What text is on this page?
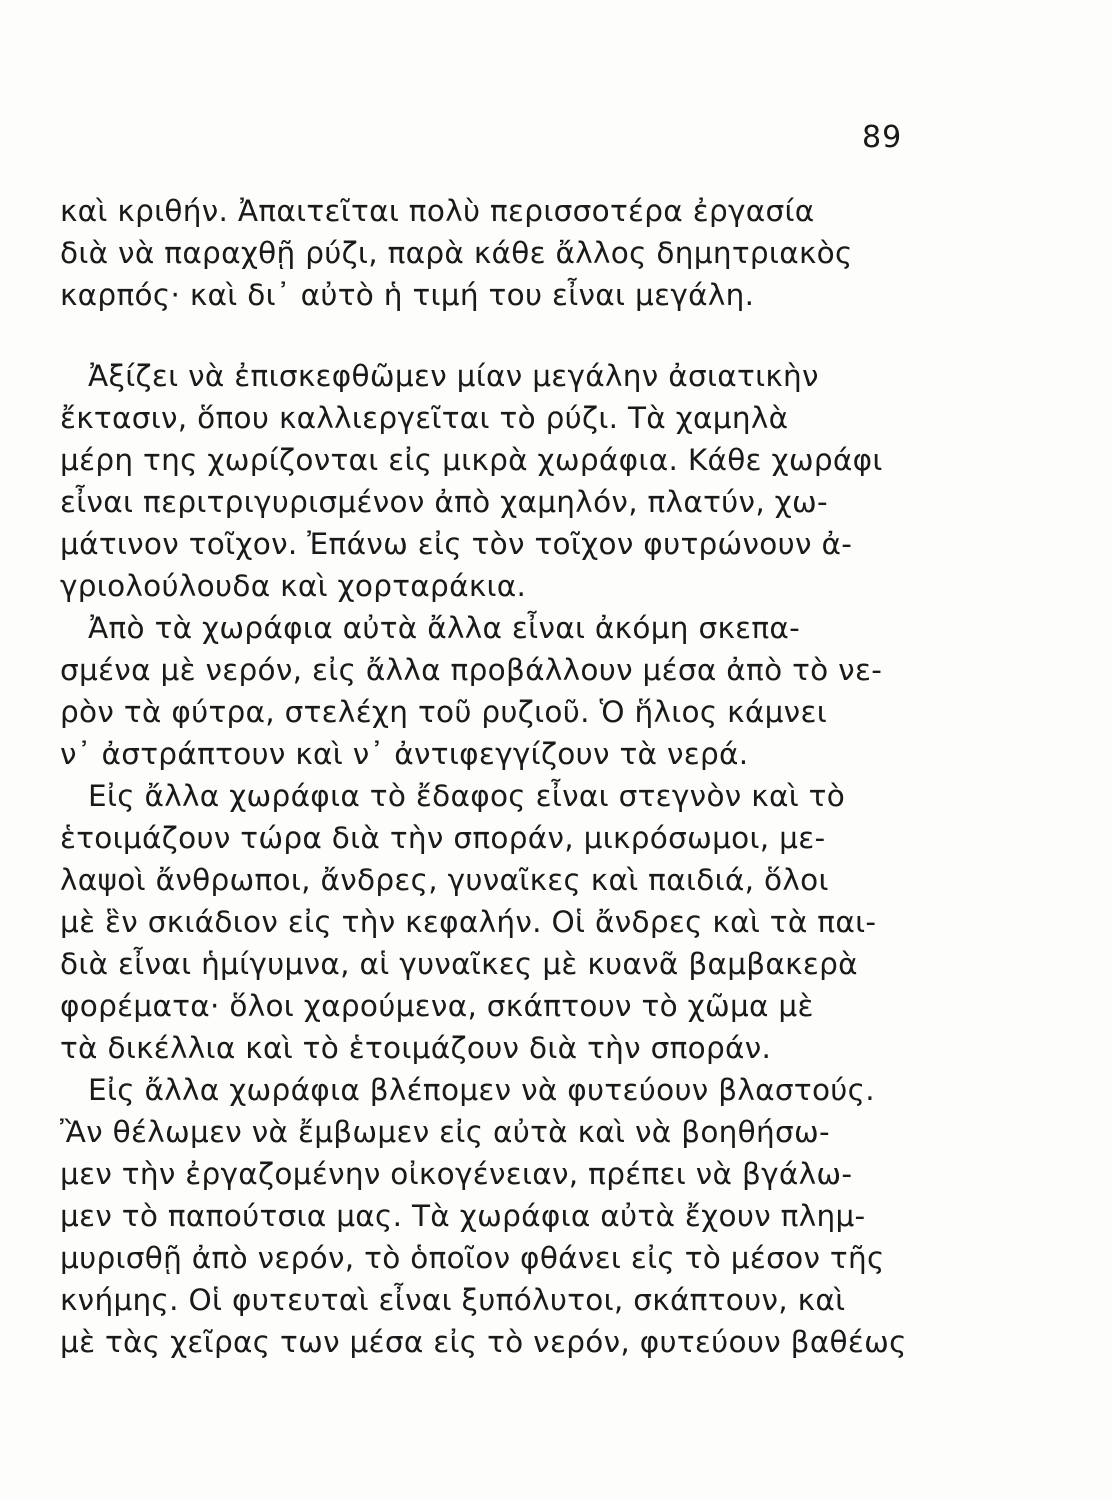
89
καὶ κριθήν. Ἀπαιτεῖται πολὺ περισσοτέρα ἐργασία
διὰ νὰ παραχθῇ ρύζι, παρὰ κάθε ἄλλος δημητριακὸς
καρπός· καὶ δι᾽ αὐτὸ ἡ τιμή του εἶναι μεγάλη.
Ἀξίζει νὰ ἐπισκεφθῶμεν μίαν μεγάλην ἀσιατικὴν
ἔκτασιν, ὅπου καλλιεργεῖται τὸ ρύζι. Τὰ χαμηλὰ
μέρη της χωρίζονται εἰς μικρὰ χωράφια. Κάθε χωράφι
εἶναι περιτριγυρισμένον ἀπὸ χαμηλόν, πλατύν, χω-
μάτινον τοῖχον. Ἐπάνω εἰς τὸν τοῖχον φυτρώνουν ἀ-
γριολούλουδα καὶ χορταράκια.
Ἀπὸ τὰ χωράφια αὐτὰ ἄλλα εἶναι ἀκόμη σκεπα-
σμένα μὲ νερόν, εἰς ἄλλα προβάλλουν μέσα ἀπὸ τὸ νε-
ρὸν τὰ φύτρα, στελέχη τοῦ ρυζιοῦ. Ὁ ἥλιος κάμνει
ν᾽ ἀστράπτουν καὶ ν᾽ ἀντιφεγγίζουν τὰ νερά.
Εἰς ἄλλα χωράφια τὸ ἔδαφος εἶναι στεγνὸν καὶ τὸ
ἑτοιμάζουν τώρα διὰ τὴν σποράν, μικρόσωμοι, με-
λαψοὶ ἄνθρωποι, ἄνδρες, γυναῖκες καὶ παιδιά, ὅλοι
μὲ ἓν σκιάδιον εἰς τὴν κεφαλήν. Οἱ ἄνδρες καὶ τὰ παι-
διὰ εἶναι ἡμίγυμνα, αἱ γυναῖκες μὲ κυανᾶ βαμβακερὰ
φορέματα· ὅλοι χαρούμενα, σκάπτουν τὸ χῶμα μὲ
τὰ δικέλλια καὶ τὸ ἑτοιμάζουν διὰ τὴν σποράν.
Εἰς ἄλλα χωράφια βλέπομεν νὰ φυτεύουν βλαστούς.
Ἂν θέλωμεν νὰ ἔμβωμεν εἰς αὐτὰ καὶ νὰ βοηθήσω-
μεν τὴν ἐργαζομένην οἰκογένειαν, πρέπει νὰ βγάλω-
μεν τὸ παπούτσια μας. Τὰ χωράφια αὐτὰ ἔχουν πλημ-
μυρισθῇ ἀπὸ νερόν, τὸ ὁποῖον φθάνει εἰς τὸ μέσον τῆς
κνήμης. Οἱ φυτευταὶ εἶναι ξυπόλυτοι, σκάπτουν, καὶ
μὲ τὰς χεῖρας των μέσα εἰς τὸ νερόν, φυτεύουν βαθέως
